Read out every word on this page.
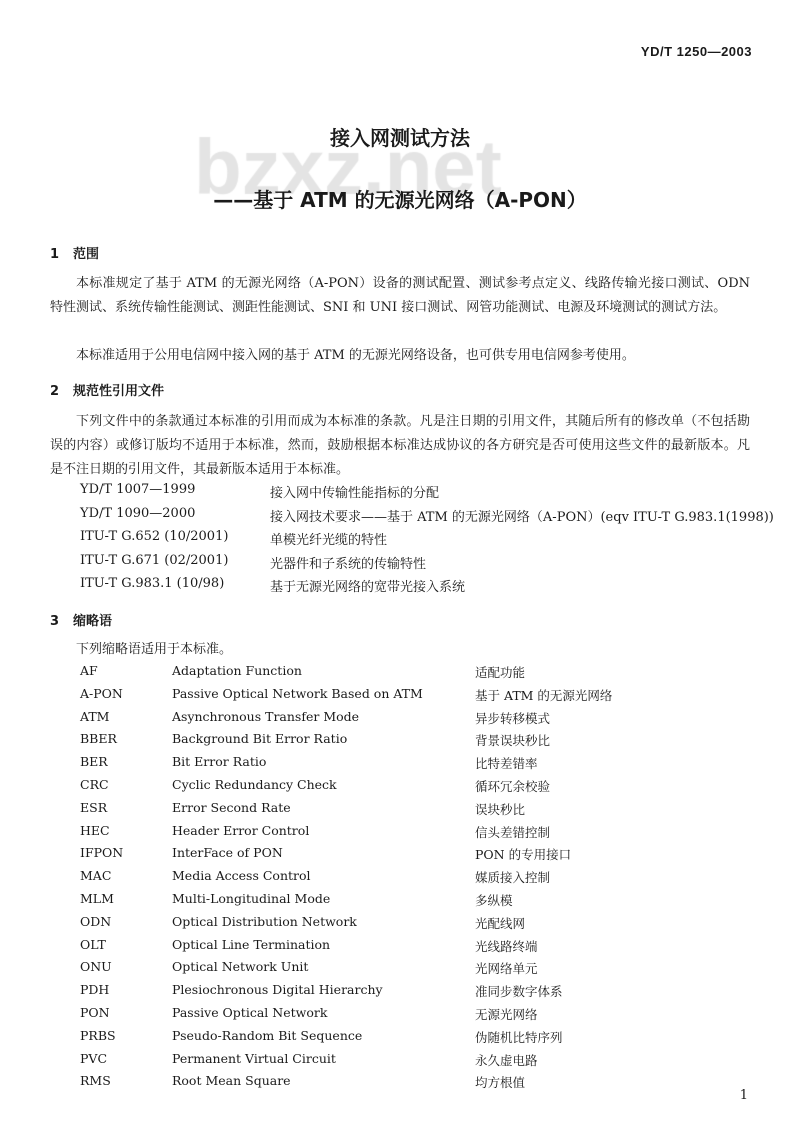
YD/T 1250—2003
接入网测试方法
——基于 ATM 的无源光网络（A-PON）
1 范围
本标准规定了基于 ATM 的无源光网络（A-PON）设备的测试配置、测试参考点定义、线路传输光接口测试、ODN 特性测试、系统传输性能测试、测距性能测试、SNI 和 UNI 接口测试、网管功能测试、电源及环境测试的测试方法。
本标准适用于公用电信网中接入网的基于 ATM 的无源光网络设备，也可供专用电信网参考使用。
2 规范性引用文件
下列文件中的条款通过本标准的引用而成为本标准的条款。凡是注日期的引用文件，其随后所有的修改单（不包括勘误的内容）或修订版均不适用于本标准，然而，鼓励根据本标准达成协议的各方研究是否可使用这些文件的最新版本。凡是不注日期的引用文件，其最新版本适用于本标准。
3 缩略语
下列缩略语适用于本标准。
1
YD/T 1007—1999	接入网中传输性能指标的分配
YD/T 1090—2000	接入网技术要求——基于 ATM 的无源光网络（A-PON）(eqv ITU-T G.983.1(1998))
ITU-T G.652 (10/2001)	单模光纤光缆的特性
ITU-T G.671 (02/2001)	光器件和子系统的传输特性
ITU-T G.983.1 (10/98)	基于无源光网络的宽带光接入系统
AF	Adaptation Function	适配功能
A-PON	Passive Optical Network Based on ATM	基于 ATM 的无源光网络
ATM	Asynchronous Transfer Mode	异步转移模式
BBER	Background Bit Error Ratio	背景误块秒比
BER	Bit Error Ratio	比特差错率
CRC	Cyclic Redundancy Check	循环冗余校验
ESR	Error Second Rate	误块秒比
HEC	Header Error Control	信头差错控制
IFPON	InterFace of PON	PON 的专用接口
MAC	Media Access Control	媒质接入控制
MLM	Multi-Longitudinal Mode	多纵模
ODN	Optical Distribution Network	光配线网
OLT	Optical Line Termination	光线路终端
ONU	Optical Network Unit	光网络单元
PDH	Plesiochronous Digital Hierarchy	准同步数字体系
PON	Passive Optical Network	无源光网络
PRBS	Pseudo-Random Bit Sequence	伪随机比特序列
PVC	Permanent Virtual Circuit	永久虚电路
RMS	Root Mean Square	均方根值
